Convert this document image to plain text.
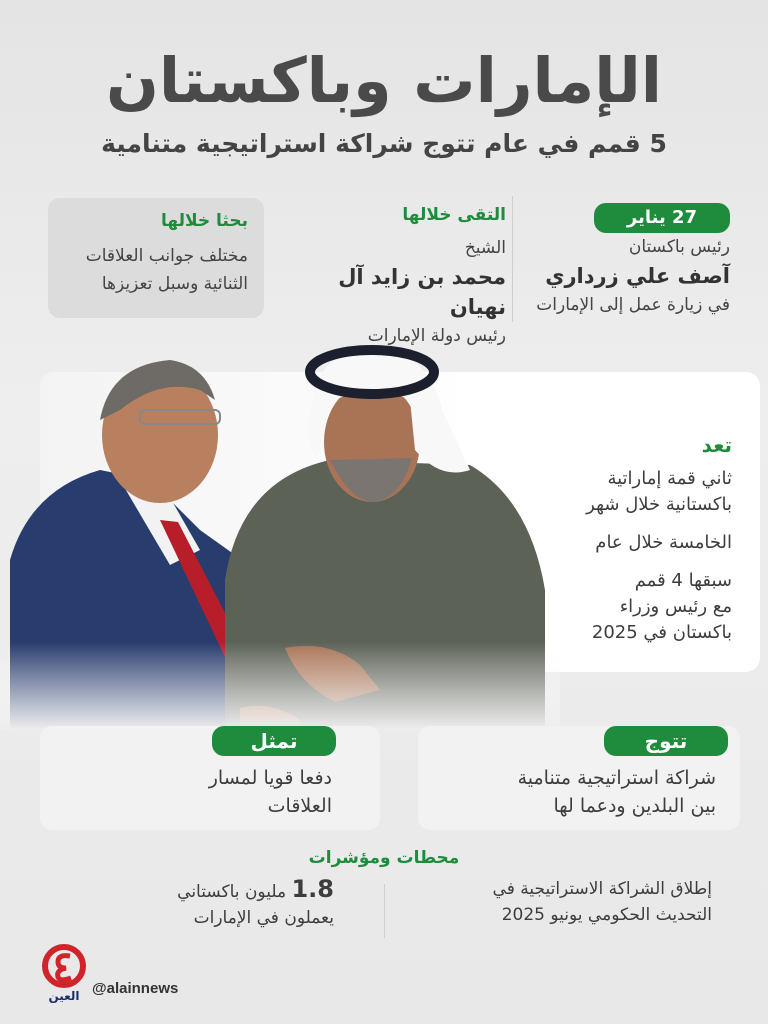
الإمارات وباكستان
5 قمم في عام تتوج شراكة استراتيجية متنامية
27 يناير
رئيس باكستان
آصف علي زرداري
في زيارة عمل إلى الإمارات
التقى خلالها
الشيخ
محمد بن زايد آل نهيان
بحثا خلالها
مختلف جوانب العلاقات
الثنائية وسبل تعزيزها
تعد
ثاني قمة إماراتية
باكستانية خلال شهر
الخامسة خلال عام
سبقها 4 قمم
مع رئيس وزراء
باكستان في 2025
تتوج
شراكة استراتيجية متنامية
بين البلدين ودعما لها
تمثل
دفعا قويا لمسار
العلاقات
محطات ومؤشرات
إطلاق الشراكة الاستراتيجية في
التحديث الحكومي يونيو 2025
1.8 مليون باكستاني
يعملون في الإمارات
العين @alainnews
